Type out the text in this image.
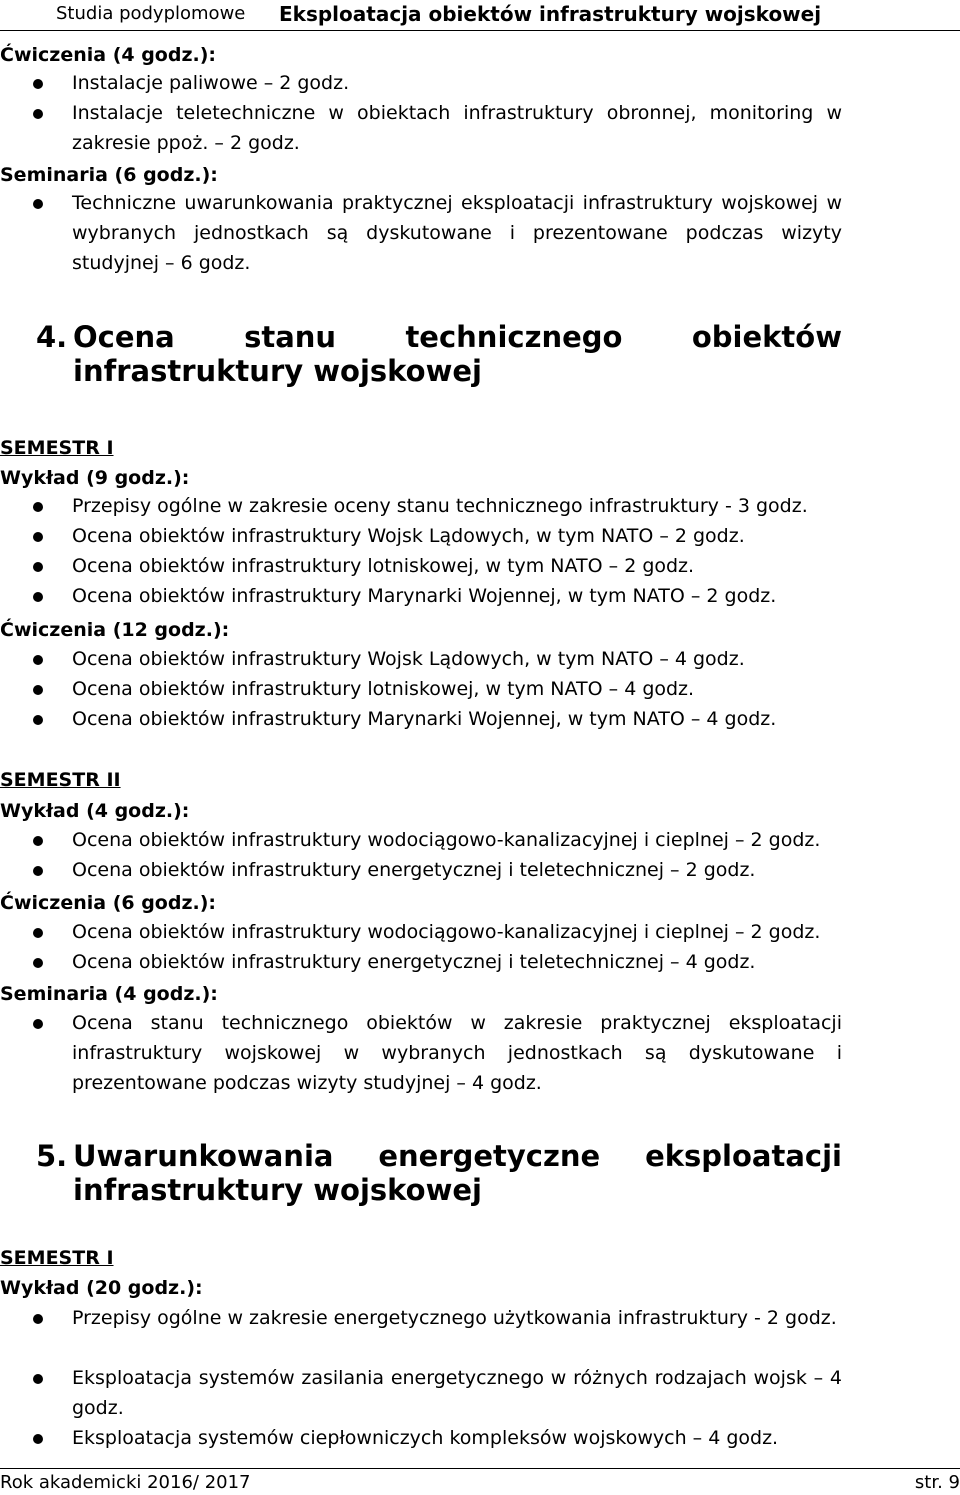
Studia podyplomowe Eksploatacja obiektów infrastruktury wojskowej
Ćwiczenia (4 godz.):
Instalacje paliwowe – 2 godz.
Instalacje teletechniczne w obiektach infrastruktury obronnej, monitoring w zakresie ppoż. – 2 godz.
Seminaria (6 godz.):
Techniczne uwarunkowania praktycznej eksploatacji infrastruktury wojskowej w wybranych jednostkach są dyskutowane i prezentowane podczas wizyty studyjnej – 6 godz.
4. Ocena stanu technicznego obiektów infrastruktury wojskowej
SEMESTR I
Wykład (9 godz.):
Przepisy ogólne w zakresie oceny stanu technicznego infrastruktury - 3 godz.
Ocena obiektów infrastruktury Wojsk Lądowych, w tym NATO – 2 godz.
Ocena obiektów infrastruktury lotniskowej, w tym NATO – 2 godz.
Ocena obiektów infrastruktury Marynarki Wojennej, w tym NATO – 2 godz.
Ćwiczenia (12 godz.):
Ocena obiektów infrastruktury Wojsk Lądowych, w tym NATO – 4 godz.
Ocena obiektów infrastruktury lotniskowej, w tym NATO – 4 godz.
Ocena obiektów infrastruktury Marynarki Wojennej, w tym NATO – 4 godz.
SEMESTR II
Wykład (4 godz.):
Ocena obiektów infrastruktury wodociągowo-kanalizacyjnej i cieplnej – 2 godz.
Ocena obiektów infrastruktury energetycznej i teletechnicznej – 2 godz.
Ćwiczenia (6 godz.):
Ocena obiektów infrastruktury wodociągowo-kanalizacyjnej i cieplnej – 2 godz.
Ocena obiektów infrastruktury energetycznej i teletechnicznej – 4 godz.
Seminaria (4 godz.):
Ocena stanu technicznego obiektów w zakresie praktycznej eksploatacji infrastruktury wojskowej w wybranych jednostkach są dyskutowane i prezentowane podczas wizyty studyjnej – 4 godz.
5. Uwarunkowania energetyczne eksploatacji infrastruktury wojskowej
SEMESTR I
Wykład (20 godz.):
Przepisy ogólne w zakresie energetycznego użytkowania infrastruktury - 2 godz.
Eksploatacja systemów zasilania energetycznego w różnych rodzajach wojsk – 4 godz.
Eksploatacja systemów ciepłowniczych kompleksów wojskowych – 4 godz.
Rok akademicki 2016/ 2017	str. 9
